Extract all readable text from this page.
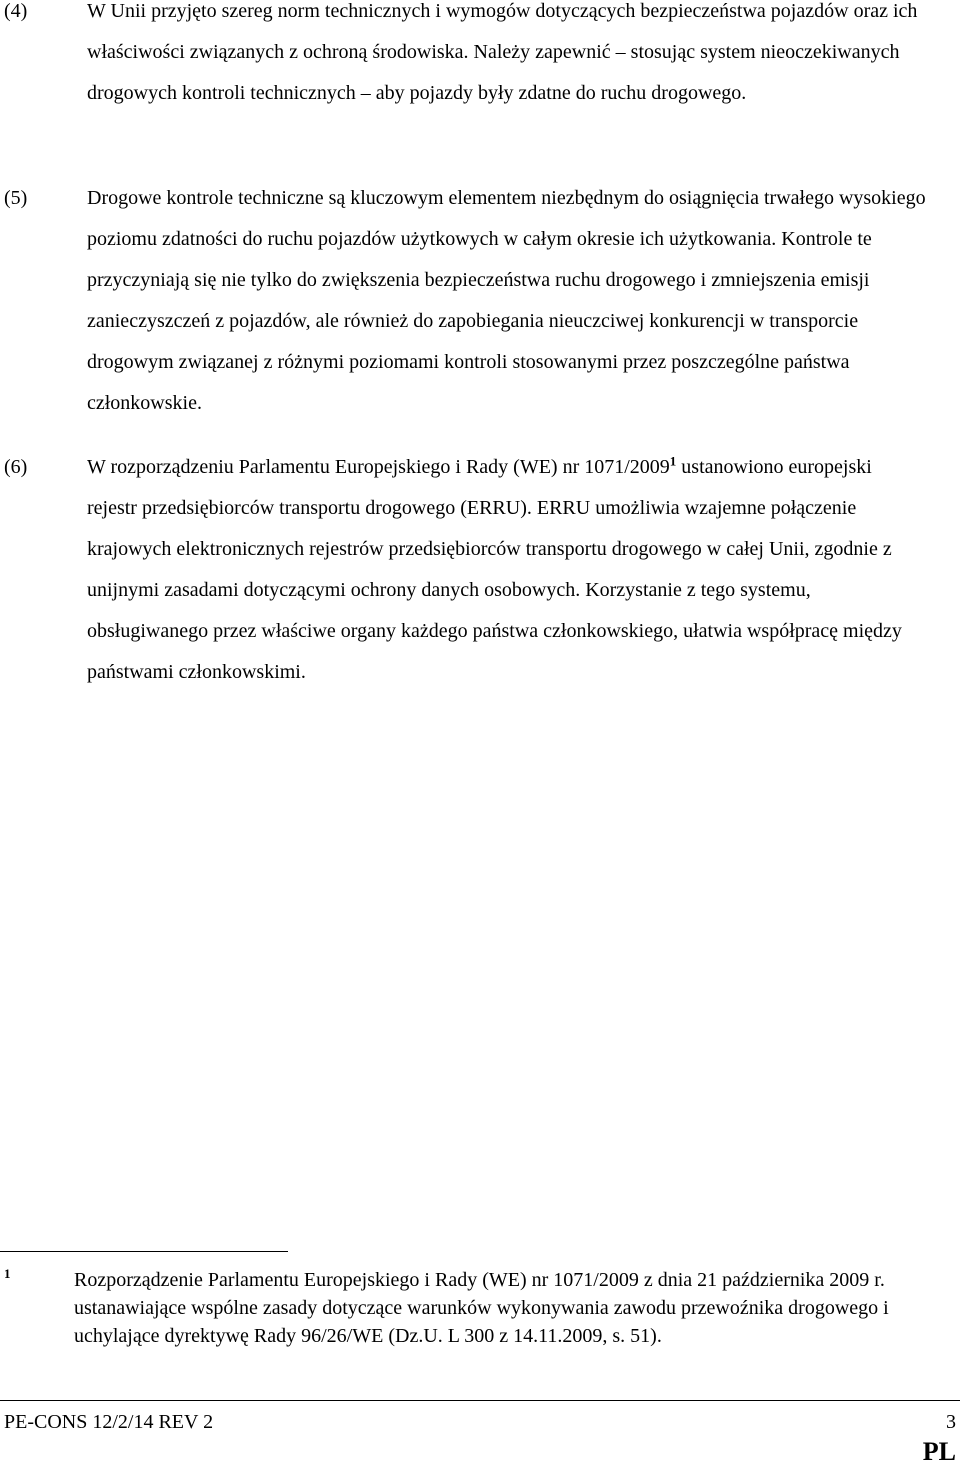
(4)	W Unii przyjęto szereg norm technicznych i wymogów dotyczących bezpieczeństwa pojazdów oraz ich właściwości związanych z ochroną środowiska. Należy zapewnić – stosując system nieoczekiwanych drogowych kontroli technicznych – aby pojazdy były zdatne do ruchu drogowego.
(5)	Drogowe kontrole techniczne są kluczowym elementem niezbędnym do osiągnięcia trwałego wysokiego poziomu zdatności do ruchu pojazdów użytkowych w całym okresie ich użytkowania. Kontrole te przyczyniają się nie tylko do zwiększenia bezpieczeństwa ruchu drogowego i zmniejszenia emisji zanieczyszczeń z pojazdów, ale również do zapobiegania nieuczciwej konkurencji w transporcie drogowym związanej z różnymi poziomami kontroli stosowanymi przez poszczególne państwa członkowskie.
(6)	W rozporządzeniu Parlamentu Europejskiego i Rady (WE) nr 1071/2009$^1$ ustanowiono europejski rejestr przedsiębiorców transportu drogowego (ERRU). ERRU umożliwia wzajemne połączenie krajowych elektronicznych rejestrów przedsiębiorców transportu drogowego w całej Unii, zgodnie z unijnymi zasadami dotyczącymi ochrony danych osobowych. Korzystanie z tego systemu, obsługiwanego przez właściwe organy każdego państwa członkowskiego, ułatwia współpracę między państwami członkowskimi.
1	Rozporządzenie Parlamentu Europejskiego i Rady (WE) nr 1071/2009 z dnia 21 października 2009 r. ustanawiające wspólne zasady dotyczące warunków wykonywania zawodu przewoźnika drogowego i uchylające dyrektywę Rady 96/26/WE (Dz.U. L 300 z 14.11.2009, s. 51).
PE-CONS 12/2/14 REV 2	3
PL
